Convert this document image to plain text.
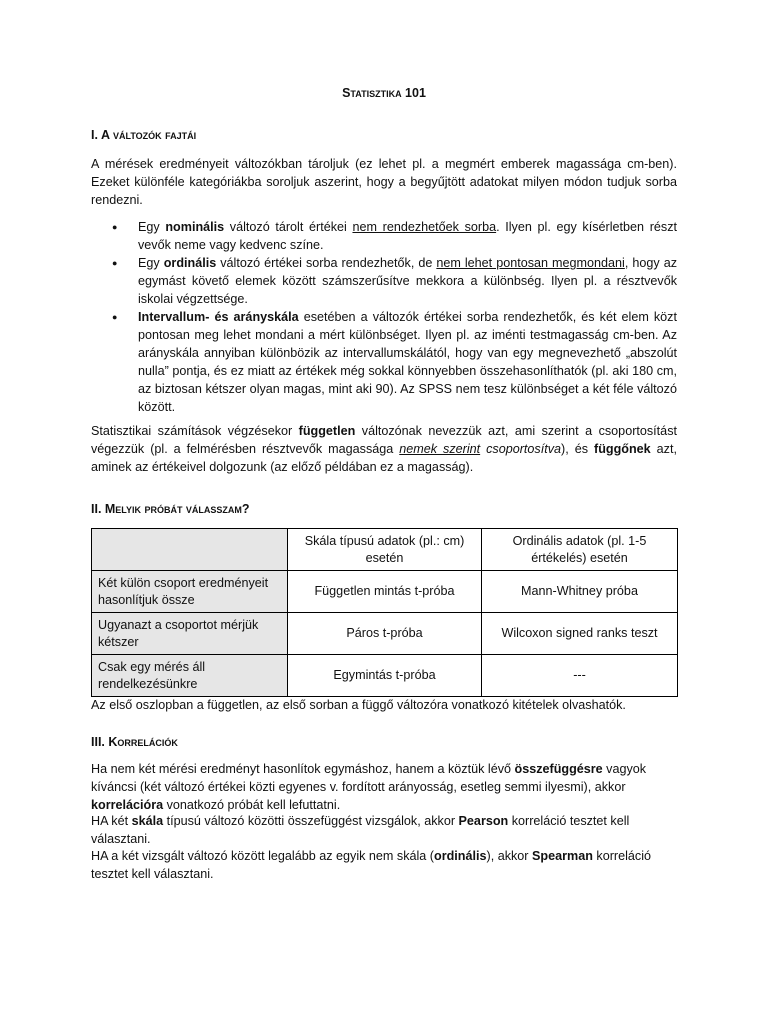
Statisztika 101
I. A változók fajtái
A mérések eredményeit változókban tároljuk (ez lehet pl. a megmért emberek magassága cm-ben). Ezeket különféle kategóriákba soroljuk aszerint, hogy a begyűjtött adatokat milyen módon tudjuk sorba rendezni.
● Egy nominális változó tárolt értékei nem rendezhetőek sorba. Ilyen pl. egy kísérletben részt vevők neme vagy kedvenc színe.
● Egy ordinális változó értékei sorba rendezhetők, de nem lehet pontosan megmondani, hogy az egymást követő elemek között számszerűsítve mekkora a különbség. Ilyen pl. a résztvevők iskolai végzettsége.
● Intervallum- és arányskála esetében a változók értékei sorba rendezhetők, és két elem közt pontosan meg lehet mondani a mért különbséget. Ilyen pl. az iménti testmagasság cm-ben. Az arányskála annyiban különbözik az intervallumskálától, hogy van egy megnevezhető „abszolút nulla” pontja, és ez miatt az értékek még sokkal könnyebben összehasonlíthatók (pl. aki 180 cm, az biztosan kétszer olyan magas, mint aki 90). Az SPSS nem tesz különbséget a két féle változó között.
Statisztikai számítások végzésekor független változónak nevezzük azt, ami szerint a csoportosítást végezzük (pl. a felmérésben résztvevők magassága nemek szerint csoportosítva), és függőnek azt, aminek az értékeivel dolgozunk (az előző példában ez a magasság).
II. Melyik próbát válasszam?
	Skála típusú adatok (pl.: cm) esetén	Ordinális adatok (pl. 1-5 értékelés) esetén
Két külön csoport eredményeit hasonlítjuk össze	Független mintás t-próba	Mann-Whitney próba
Ugyanazt a csoportot mérjük kétszer	Páros t-próba	Wilcoxon signed ranks teszt
Csak egy mérés áll rendelkezésünkre	Egymintás t-próba	---
Az első oszlopban a független, az első sorban a függő változóra vonatkozó kitételek olvashatók.
III. Korrelációk
Ha nem két mérési eredményt hasonlítok egymáshoz, hanem a köztük lévő összefüggésre vagyok kíváncsi (két változó értékei közti egyenes v. fordított arányosság, esetleg semmi ilyesmi), akkor korrelációra vonatkozó próbát kell lefuttatni.
HA két skála típusú változó közötti összefüggést vizsgálok, akkor Pearson korreláció tesztet kell választani.
HA a két vizsgált változó között legalább az egyik nem skála (ordinális), akkor Spearman korreláció tesztet kell választani.
